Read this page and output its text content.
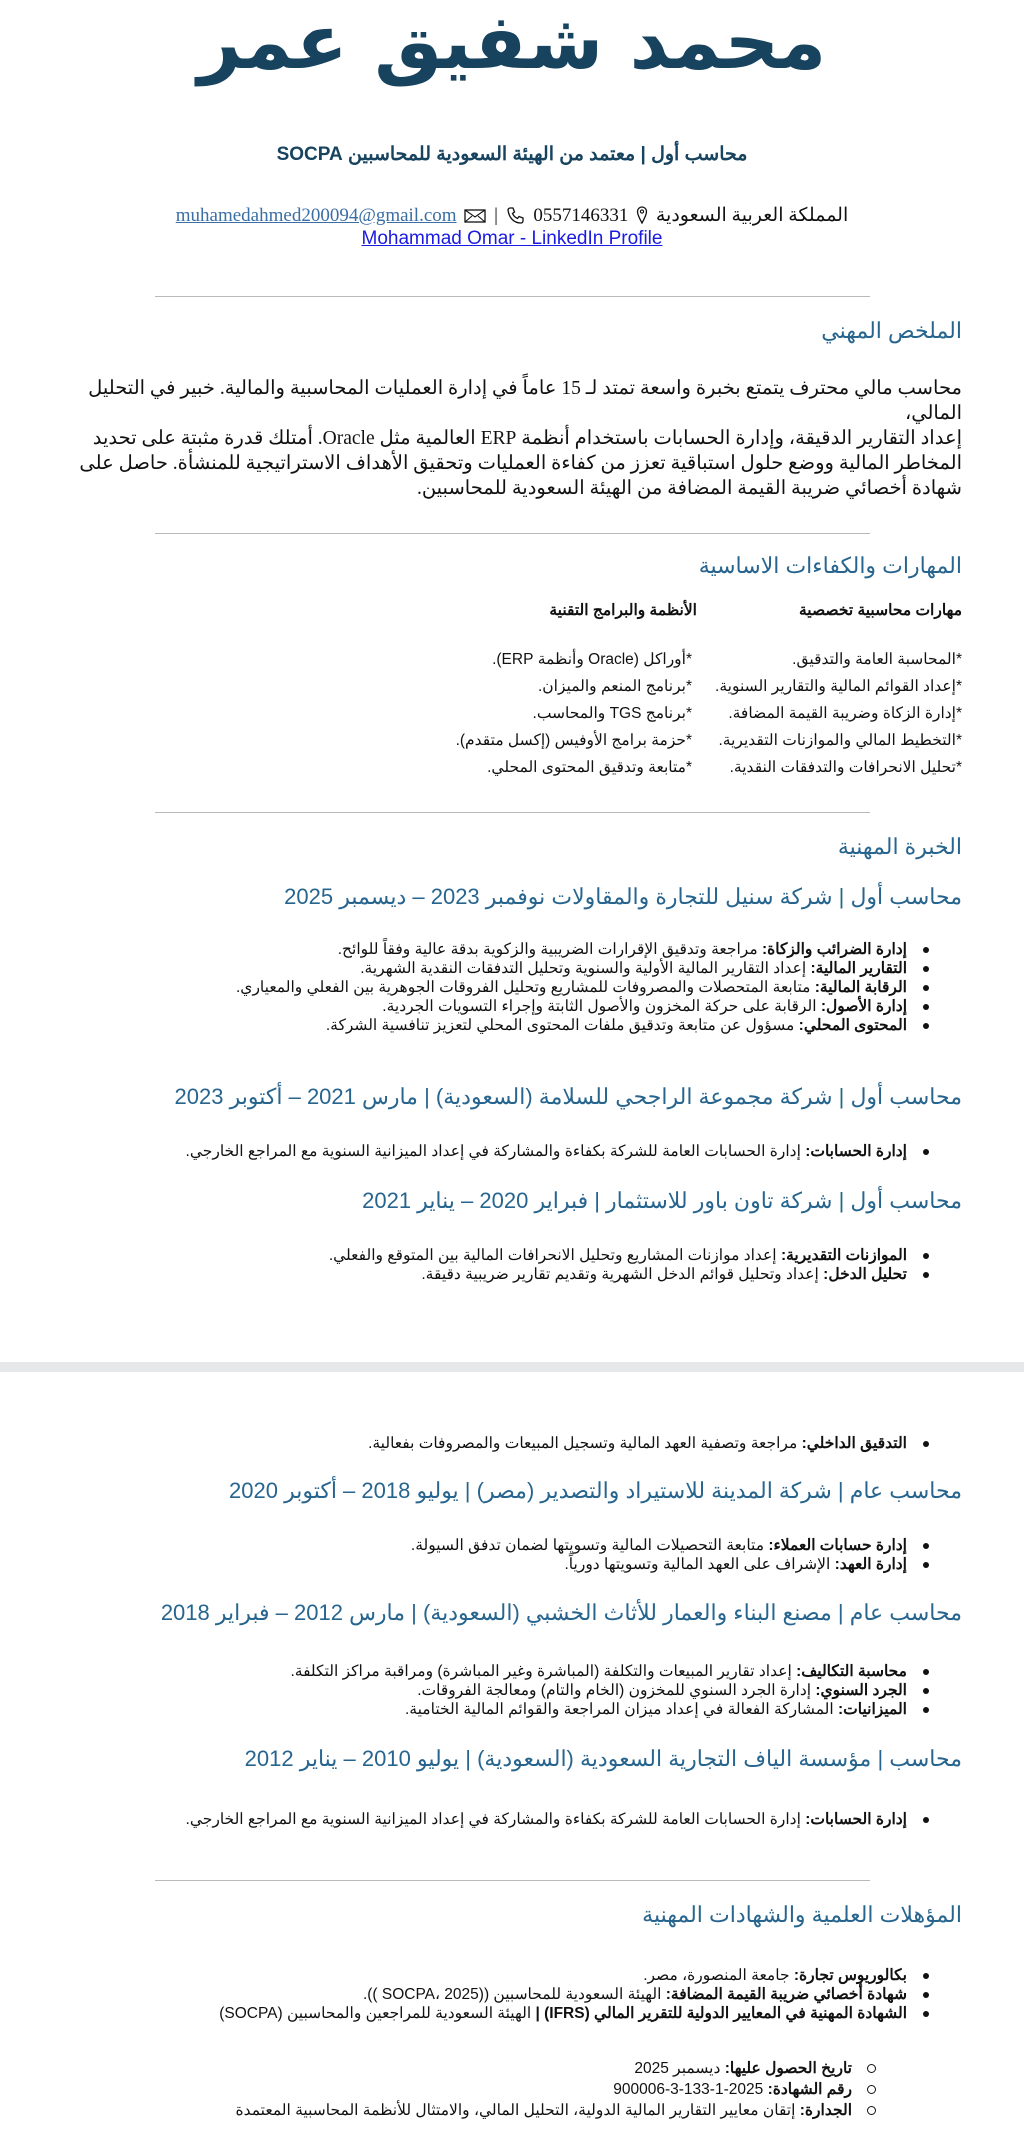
محمد شفيق عمر
محاسب أول | معتمد من الهيئة السعودية للمحاسبين SOCPA
المملكة العربية السعودية  0557146331  |  muhamedahmed200094@gmail.com
Mohammad Omar - LinkedIn Profile
الملخص المهني
محاسب مالي محترف يتمتع بخبرة واسعة تمتد لـ 15 عاماً في إدارة العمليات المحاسبية والمالية. خبير في التحليل المالي،
إعداد التقارير الدقيقة، وإدارة الحسابات باستخدام أنظمة ERP العالمية مثل Oracle. أمتلك قدرة مثبتة على تحديد
المخاطر المالية ووضع حلول استباقية تعزز من كفاءة العمليات وتحقيق الأهداف الاستراتيجية للمنشأة. حاصل على
شهادة أخصائي ضريبة القيمة المضافة من الهيئة السعودية للمحاسبين.
المهارات والكفاءات الاساسية
مهارات محاسبية تخصصية
الأنظمة والبرامج التقنية
*المحاسبة العامة والتدقيق.
*إعداد القوائم المالية والتقارير السنوية.
*إدارة الزكاة وضريبة القيمة المضافة.
*التخطيط المالي والموازنات التقديرية.
*تحليل الانحرافات والتدفقات النقدية.
*أوراكل (Oracle وأنظمة ERP).
*برنامج المنعم والميزان.
*برنامج TGS والمحاسب.
*حزمة برامج الأوفيس (إكسل متقدم).
*متابعة وتدقيق المحتوى المحلي.
الخبرة المهنية
محاسب أول | شركة سنيل للتجارة والمقاولات نوفمبر 2023 – ديسمبر 2025
إدارة الضرائب والزكاة: مراجعة وتدقيق الإقرارات الضريبية والزكوية بدقة عالية وفقاً للوائح.
التقارير المالية: إعداد التقارير المالية الأولية والسنوية وتحليل التدفقات النقدية الشهرية.
الرقابة المالية: متابعة المتحصلات والمصروفات للمشاريع وتحليل الفروقات الجوهرية بين الفعلي والمعياري.
إدارة الأصول: الرقابة على حركة المخزون والأصول الثابتة وإجراء التسويات الجردية.
المحتوى المحلي: مسؤول عن متابعة وتدقيق ملفات المحتوى المحلي لتعزيز تنافسية الشركة.
محاسب أول | شركة مجموعة الراجحي للسلامة (السعودية) | مارس 2021 – أكتوبر 2023
إدارة الحسابات: إدارة الحسابات العامة للشركة بكفاءة والمشاركة في إعداد الميزانية السنوية مع المراجع الخارجي.
محاسب أول | شركة تاون باور للاستثمار | فبراير 2020 – يناير 2021
الموازنات التقديرية: إعداد موازنات المشاريع وتحليل الانحرافات المالية بين المتوقع والفعلي.
تحليل الدخل: إعداد وتحليل قوائم الدخل الشهرية وتقديم تقارير ضريبية دقيقة.
التدقيق الداخلي: مراجعة وتصفية العهد المالية وتسجيل المبيعات والمصروفات بفعالية.
محاسب عام | شركة المدينة للاستيراد والتصدير (مصر) | يوليو 2018 – أكتوبر 2020
إدارة حسابات العملاء: متابعة التحصيلات المالية وتسويتها لضمان تدفق السيولة.
إدارة العهد: الإشراف على العهد المالية وتسويتها دورياً.
محاسب عام | مصنع البناء والعمار للأثاث الخشبي (السعودية) | مارس 2012 – فبراير 2018
محاسبة التكاليف: إعداد تقارير المبيعات والتكلفة (المباشرة وغير المباشرة) ومراقبة مراكز التكلفة.
الجرد السنوي: إدارة الجرد السنوي للمخزون (الخام والتام) ومعالجة الفروقات.
الميزانيات: المشاركة الفعالة في إعداد ميزان المراجعة والقوائم المالية الختامية.
محاسب | مؤسسة الياف التجارية السعودية (السعودية) | يوليو 2010 – يناير 2012
إدارة الحسابات: إدارة الحسابات العامة للشركة بكفاءة والمشاركة في إعداد الميزانية السنوية مع المراجع الخارجي.
المؤهلات العلمية والشهادات المهنية
بكالوريوس تجارة: جامعة المنصورة، مصر.
شهادة أخصائي ضريبة القيمة المضافة: الهيئة السعودية للمحاسبين ((SOCPA، 2025 )).
الشهادة المهنية في المعايير الدولية للتقرير المالي (IFRS) | الهيئة السعودية للمراجعين والمحاسبين (SOCPA)
تاريخ الحصول عليها: ديسمبر 2025
رقم الشهادة: 2025-1-133-3-900006
الجدارة: إتقان معايير التقارير المالية الدولية، التحليل المالي، والامتثال للأنظمة المحاسبية المعتمدة
